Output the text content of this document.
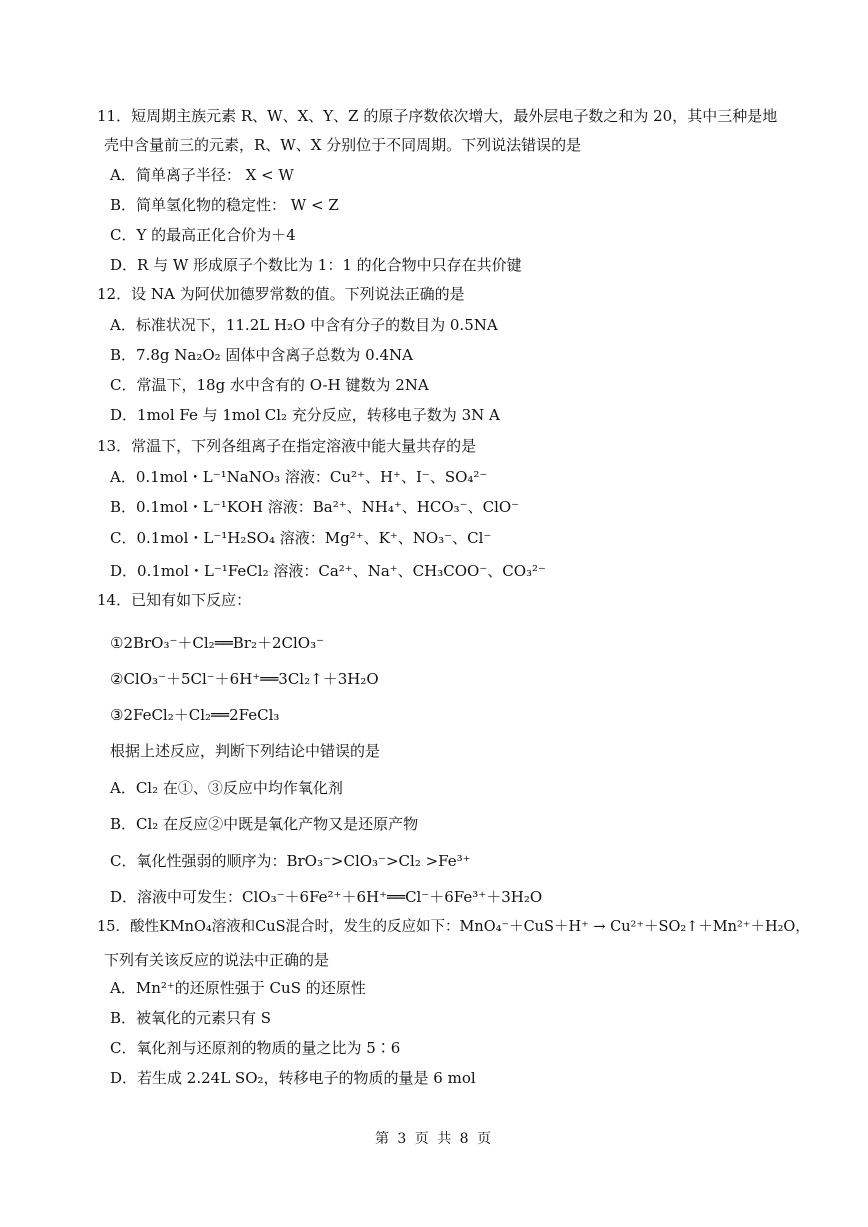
11．短周期主族元素 R、W、X、Y、Z 的原子序数依次增大，最外层电子数之和为 20，其中三种是地
壳中含量前三的元素，R、W、X 分别位于不同周期。下列说法错误的是
A．简单离子半径： X < W
B．简单氢化物的稳定性： W < Z
C．Y 的最高正化合价为＋4
D．R 与 W 形成原子个数比为 1：1 的化合物中只存在共价键
12．设 NA 为阿伏加德罗常数的值。下列说法正确的是
A．标准状况下，11.2L H₂O 中含有分子的数目为 0.5NA
B．7.8g Na₂O₂ 固体中含离子总数为 0.4NA
C．常温下，18g 水中含有的 O-H 键数为 2NA
D．1mol Fe 与 1mol Cl₂ 充分反应，转移电子数为 3N A
13．常温下，下列各组离子在指定溶液中能大量共存的是
A．0.1mol・L⁻¹NaNO₃ 溶液：Cu²⁺、H⁺、I⁻、SO₄²⁻
B．0.1mol・L⁻¹KOH 溶液：Ba²⁺、NH₄⁺、HCO₃⁻、ClO⁻
C．0.1mol・L⁻¹H₂SO₄ 溶液：Mg²⁺、K⁺、NO₃⁻、Cl⁻
D．0.1mol・L⁻¹FeCl₂ 溶液：Ca²⁺、Na⁺、CH₃COO⁻、CO₃²⁻
14．已知有如下反应：
①2BrO₃⁻＋Cl₂══Br₂＋2ClO₃⁻
②ClO₃⁻＋5Cl⁻＋6H⁺══3Cl₂↑＋3H₂O
③2FeCl₂＋Cl₂══2FeCl₃
根据上述反应，判断下列结论中错误的是
A．Cl₂ 在①、③反应中均作氧化剂
B．Cl₂ 在反应②中既是氧化产物又是还原产物
C．氧化性强弱的顺序为：BrO₃⁻>ClO₃⁻>Cl₂ >Fe³⁺
D．溶液中可发生：ClO₃⁻＋6Fe²⁺＋6H⁺══Cl⁻＋6Fe³⁺＋3H₂O
15．酸性KMnO₄溶液和CuS混合时，发生的反应如下：MnO₄⁻＋CuS＋H⁺ → Cu²⁺＋SO₂↑＋Mn²⁺＋H₂O，
下列有关该反应的说法中正确的是
A．Mn²⁺的还原性强于 CuS 的还原性
B．被氧化的元素只有 S
C．氧化剂与还原剂的物质的量之比为 5∶6
D．若生成 2.24L SO₂，转移电子的物质的量是 6 mol
第 3 页 共 8 页
